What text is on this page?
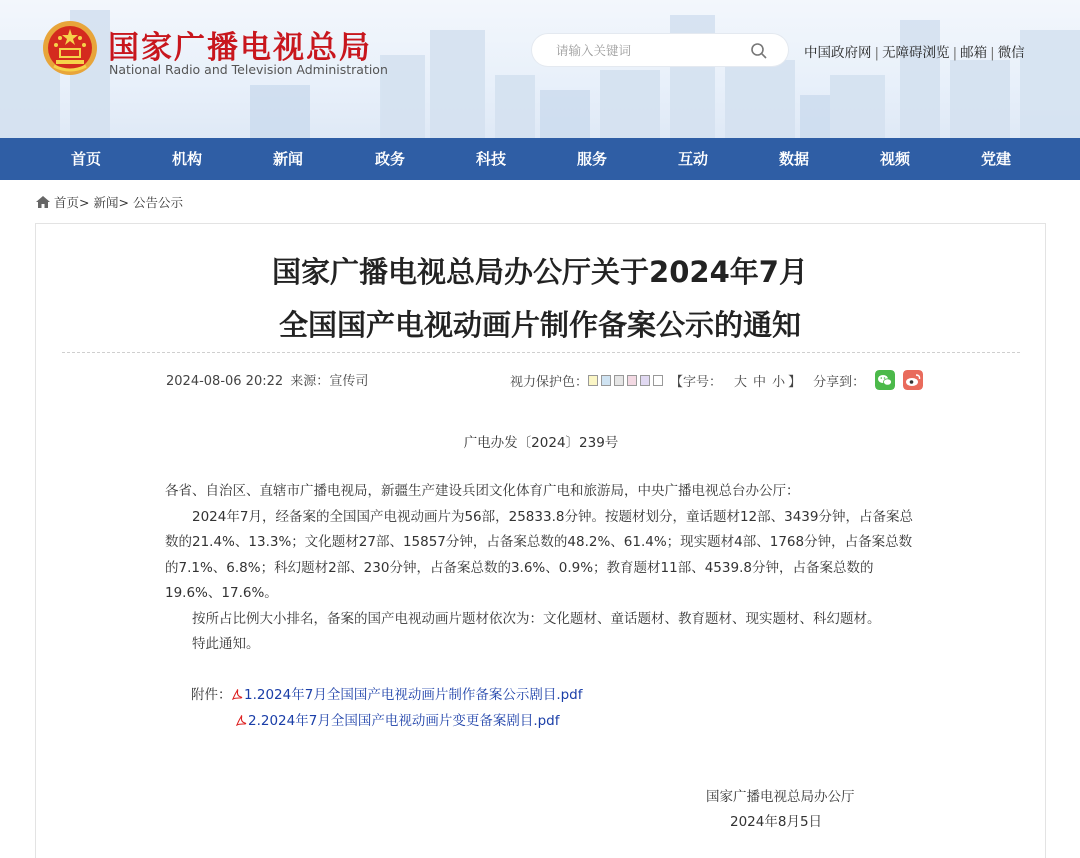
国家广播电视总局
National Radio and Television Administration
请输入关键词
中国政府网 | 无障碍浏览 | 邮箱 | 微信
首页	机构	新闻	政务	科技	服务	互动	数据	视频	党建
首页> 新闻> 公告公示
国家广播电视总局办公厅关于2024年7月
全国国产电视动画片制作备案公示的通知
2024-08-06 20:22 来源：宣传司	视力保护色：	【字号： 大 中 小 】 分享到：
广电办发〔2024〕239号

各省、自治区、直辖市广播电视局，新疆生产建设兵团文化体育广电和旅游局，中央广播电视总台办公厅：

2024年7月，经备案的全国国产电视动画片为56部，25833.8分钟。按题材划分，童话题材12部、3439分钟，占备案总数的21.4%、13.3%；文化题材27部、15857分钟，占备案总数的48.2%、61.4%；现实题材4部、1768分钟，占备案总数的7.1%、6.8%；科幻题材2部、230分钟，占备案总数的3.6%、0.9%；教育题材11部、4539.8分钟，占备案总数的19.6%、17.6%。

按所占比例大小排名，备案的国产电视动画片题材依次为：文化题材、童话题材、教育题材、现实题材、科幻题材。

特此通知。

附件： 1.2024年7月全国国产电视动画片制作备案公示剧目.pdf
2.2024年7月全国国产电视动画片变更备案剧目.pdf
国家广播电视总局办公厅
2024年8月5日
